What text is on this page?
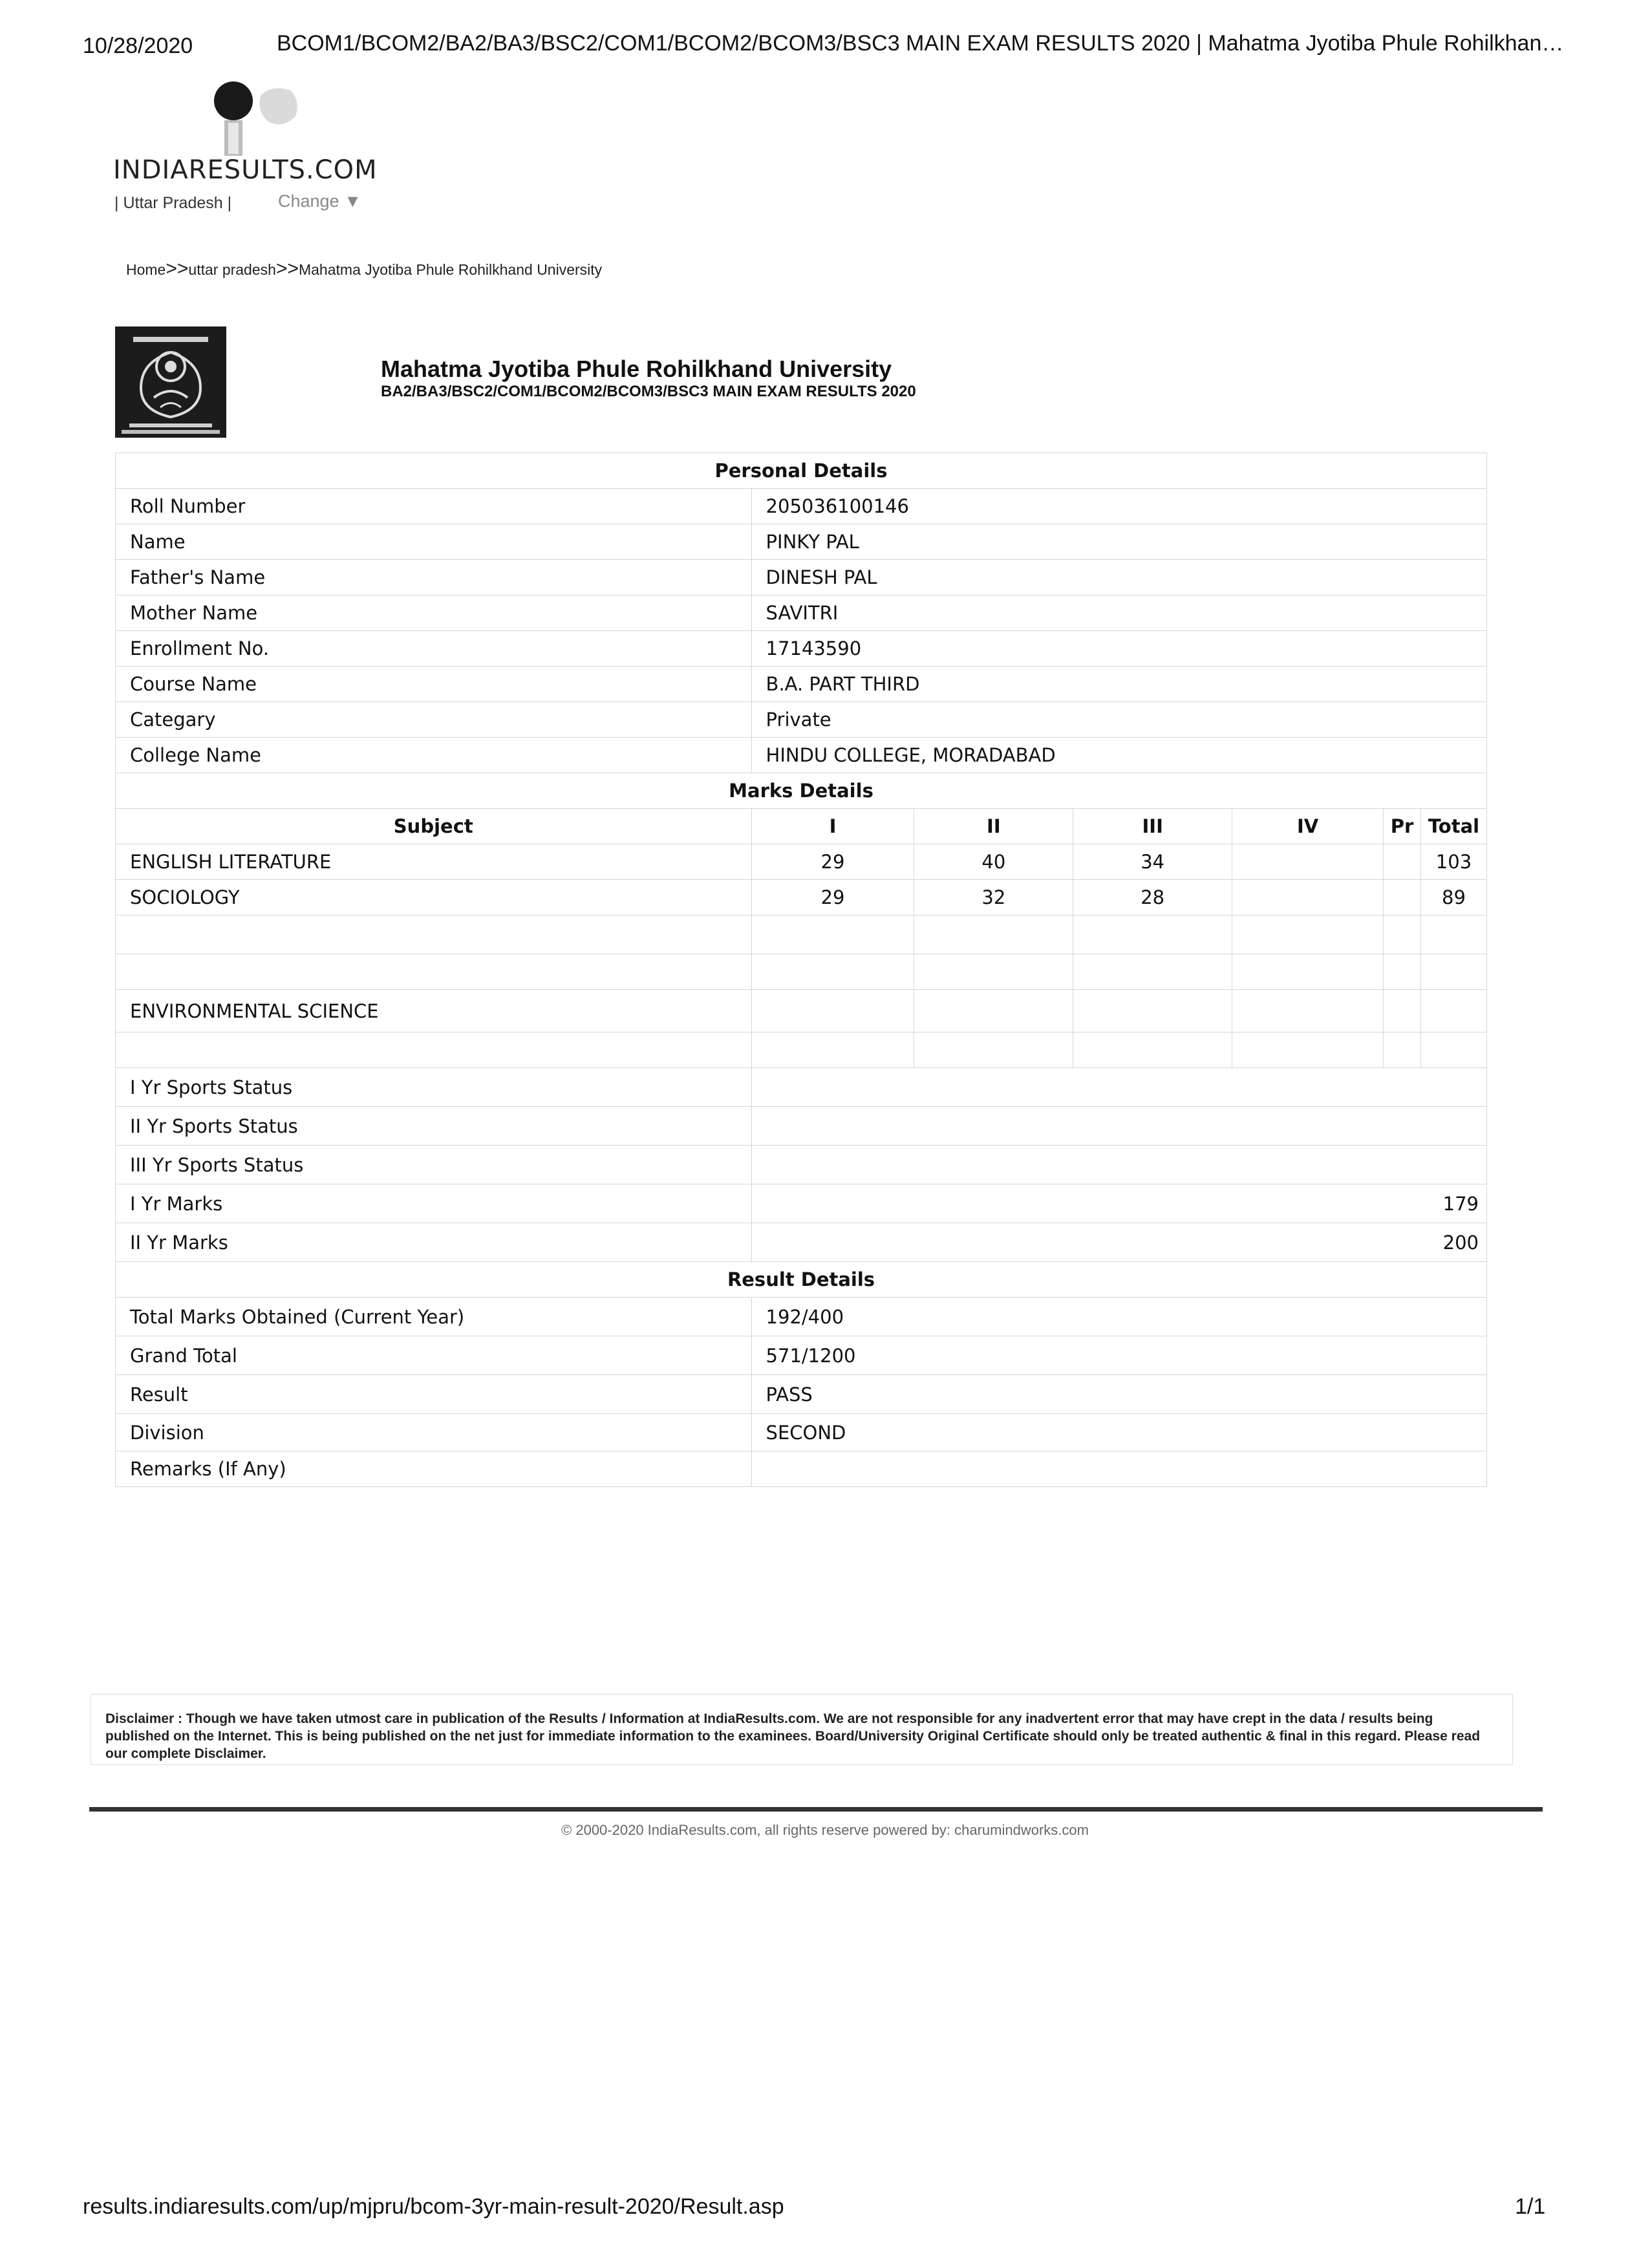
10/28/2020	BCOM1/BCOM2/BA2/BA3/BSC2/COM1/BCOM2/BCOM3/BSC3 MAIN EXAM RESULTS 2020 | Mahatma Jyotiba Phule Rohilkhan…
INDIARESULTS.COM
| Uttar Pradesh |	Change ▼
Home>>uttar pradesh>>Mahatma Jyotiba Phule Rohilkhand University
Mahatma Jyotiba Phule Rohilkhand University
BA2/BA3/BSC2/COM1/BCOM2/BCOM3/BSC3 MAIN EXAM RESULTS 2020
Personal Details						
Roll Number	205036100146					
Name	PINKY PAL					
Father's Name	DINESH PAL					
Mother Name	SAVITRI					
Enrollment No.	17143590					
Course Name	B.A. PART THIRD					
Categary	Private					
College Name	HINDU COLLEGE, MORADABAD					
Marks Details						
Subject	I	II	III	IV	Pr	Total
ENGLISH LITERATURE	29	40	34			103
SOCIOLOGY	29	32	28			89

ENVIRONMENTAL SCIENCE						

I Yr Sports Status						
II Yr Sports Status						
III Yr Sports Status						
I Yr Marks	179					
II Yr Marks	200					
Result Details						
Total Marks Obtained (Current Year)	192/400					
Grand Total	571/1200					
Result	PASS					
Division	SECOND					
Remarks (If Any)						
Disclaimer : Though we have taken utmost care in publication of the Results / Information at IndiaResults.com. We are not responsible for any inadvertent error that may have crept in the data / results being published on the Internet. This is being published on the net just for immediate information to the examinees. Board/University Original Certificate should only be treated authentic & final in this regard. Please read our complete Disclaimer.
© 2000-2020 IndiaResults.com, all rights reserve powered by: charumindworks.com
results.indiaresults.com/up/mjpru/bcom-3yr-main-result-2020/Result.asp	1/1
